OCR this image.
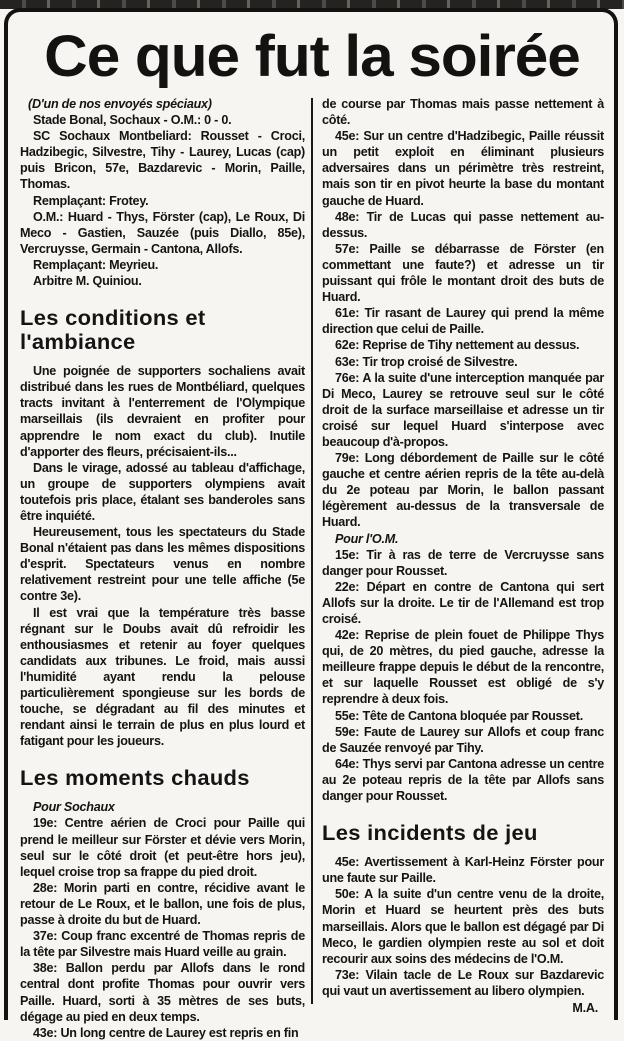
Ce que fut la soirée

(D'un de nos envoyés spéciaux)

Stade Bonal, Sochaux - O.M.: 0 - 0.

SC Sochaux Montbeliard: Rousset - Croci, Hadzibegic, Silvestre, Tihy - Laurey, Lucas (cap) puis Bricon, 57e, Bazdarevic - Morin, Paille, Thomas.

Remplaçant: Frotey.

O.M.: Huard - Thys, Förster (cap), Le Roux, Di Meco - Gastien, Sauzée (puis Diallo, 85e), Vercruysse, Germain - Cantona, Allofs.

Remplaçant: Meyrieu.

Arbitre M. Quiniou.

Les conditions et l'ambiance

Une poignée de supporters sochaliens avait distribué dans les rues de Montbéliard, quelques tracts invitant à l'enterrement de l'Olympique marseillais (ils devraient en profiter pour apprendre le nom exact du club). Inutile d'apporter des fleurs, précisaient-ils...

Dans le virage, adossé au tableau d'affichage, un groupe de supporters olympiens avait toutefois pris place, étalant ses banderoles sans être inquiété.

Heureusement, tous les spectateurs du Stade Bonal n'étaient pas dans les mêmes dispositions d'esprit. Spectateurs venus en nombre relativement restreint pour une telle affiche (5e contre 3e).

Il est vrai que la température très basse régnant sur le Doubs avait dû refroidir les enthousiasmes et retenir au foyer quelques candidats aux tribunes. Le froid, mais aussi l'humidité ayant rendu la pelouse particulièrement spongieuse sur les bords de touche, se dégradant au fil des minutes et rendant ainsi le terrain de plus en plus lourd et fatigant pour les joueurs.

Les moments chauds

Pour Sochaux

19e: Centre aérien de Croci pour Paille qui prend le meilleur sur Förster et dévie vers Morin, seul sur le côté droit (et peut-être hors jeu), lequel croise trop sa frappe du pied droit.

28e: Morin parti en contre, récidive avant le retour de Le Roux, et le ballon, une fois de plus, passe à droite du but de Huard.

37e: Coup franc excentré de Thomas repris de la tête par Silvestre mais Huard veille au grain.

38e: Ballon perdu par Allofs dans le rond central dont profite Thomas pour ouvrir vers Paille. Huard, sorti à 35 mètres de ses buts, dégage au pied en deux temps.

43e: Un long centre de Laurey est repris en fin

de course par Thomas mais passe nettement à côté.

45e: Sur un centre d'Hadzibegic, Paille réussit un petit exploit en éliminant plusieurs adversaires dans un périmètre très restreint, mais son tir en pivot heurte la base du montant gauche de Huard.

48e: Tir de Lucas qui passe nettement au-dessus.

57e: Paille se débarrasse de Förster (en commettant une faute?) et adresse un tir puissant qui frôle le montant droit des buts de Huard.

61e: Tir rasant de Laurey qui prend la même direction que celui de Paille.

62e: Reprise de Tihy nettement au dessus.

63e: Tir trop croisé de Silvestre.

76e: A la suite d'une interception manquée par Di Meco, Laurey se retrouve seul sur le côté droit de la surface marseillaise et adresse un tir croisé sur lequel Huard s'interpose avec beaucoup d'à-propos.

79e: Long débordement de Paille sur le côté gauche et centre aérien repris de la tête au-delà du 2e poteau par Morin, le ballon passant légèrement au-dessus de la transversale de Huard.

Pour l'O.M.

15e: Tir à ras de terre de Vercruysse sans danger pour Rousset.

22e: Départ en contre de Cantona qui sert Allofs sur la droite. Le tir de l'Allemand est trop croisé.

42e: Reprise de plein fouet de Philippe Thys qui, de 20 mètres, du pied gauche, adresse la meilleure frappe depuis le début de la rencontre, et sur laquelle Rousset est obligé de s'y reprendre à deux fois.

55e: Tête de Cantona bloquée par Rousset.

59e: Faute de Laurey sur Allofs et coup franc de Sauzée renvoyé par Tihy.

64e: Thys servi par Cantona adresse un centre au 2e poteau repris de la tête par Allofs sans danger pour Rousset.

Les incidents de jeu

45e: Avertissement à Karl-Heinz Förster pour une faute sur Paille.

50e: A la suite d'un centre venu de la droite, Morin et Huard se heurtent près des buts marseillais. Alors que le ballon est dégagé par Di Meco, le gardien olympien reste au sol et doit recourir aux soins des médecins de l'O.M.

73e: Vilain tacle de Le Roux sur Bazdarevic qui vaut un avertissement au libero olympien.

M.A.
